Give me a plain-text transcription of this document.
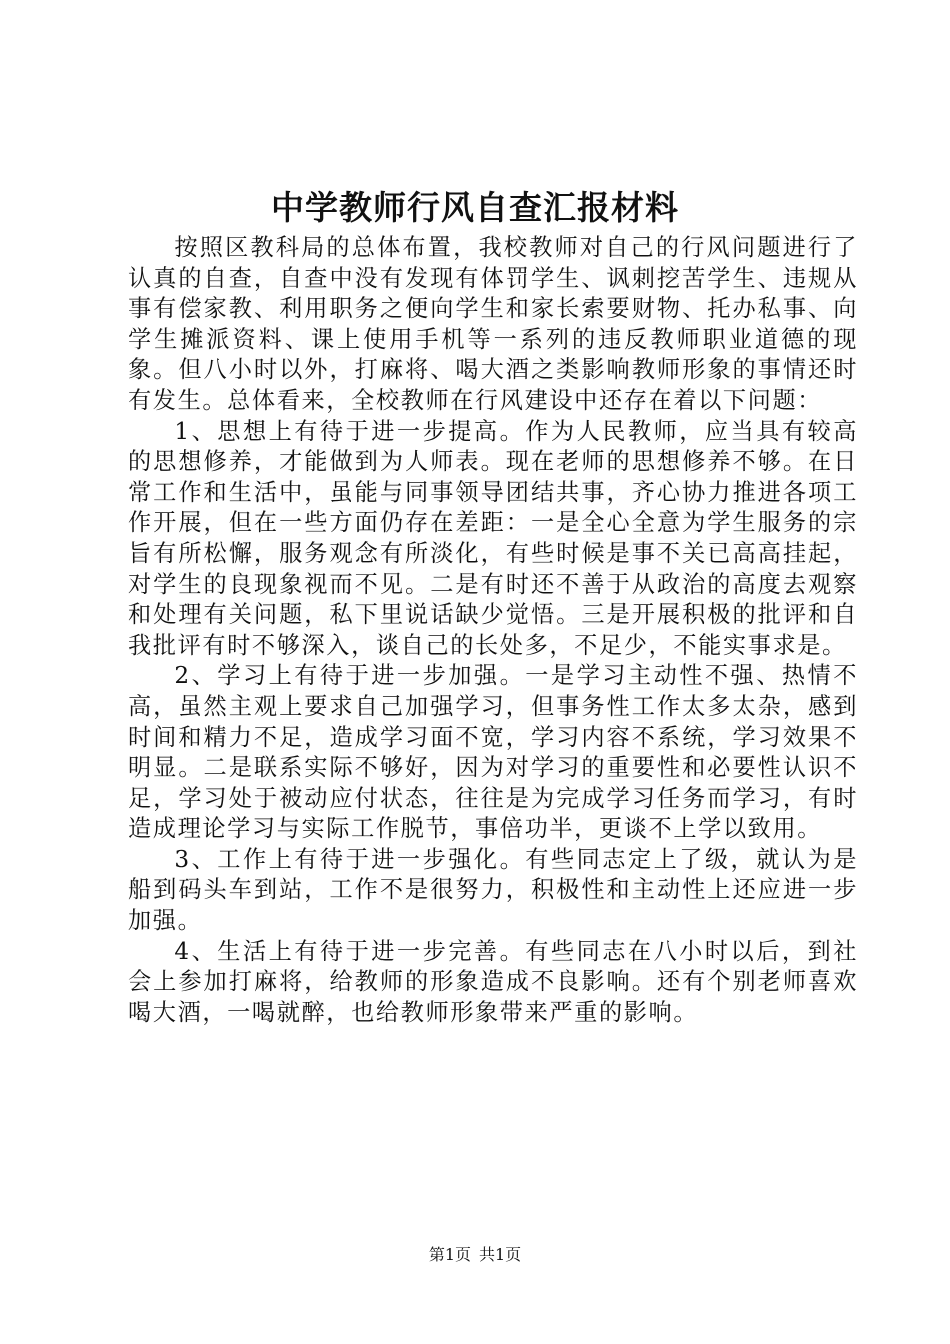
中学教师行风自查汇报材料

按照区教科局的总体布置，我校教师对自己的行风问题进行了认真的自查，自查中没有发现有体罚学生、讽刺挖苦学生、违规从事有偿家教、利用职务之便向学生和家长索要财物、托办私事、向学生摊派资料、课上使用手机等一系列的违反教师职业道德的现象。但八小时以外，打麻将、喝大酒之类影响教师形象的事情还时有发生。总体看来，全校教师在行风建设中还存在着以下问题：

1、思想上有待于进一步提高。作为人民教师，应当具有较高的思想修养，才能做到为人师表。现在老师的思想修养不够。在日常工作和生活中，虽能与同事领导团结共事，齐心协力推进各项工作开展，但在一些方面仍存在差距：一是全心全意为学生服务的宗旨有所松懈，服务观念有所淡化，有些时候是事不关已高高挂起，对学生的良现象视而不见。二是有时还不善于从政治的高度去观察和处理有关问题，私下里说话缺少觉悟。三是开展积极的批评和自我批评有时不够深入，谈自己的长处多，不足少，不能实事求是。

2、学习上有待于进一步加强。一是学习主动性不强、热情不高，虽然主观上要求自己加强学习，但事务性工作太多太杂，感到时间和精力不足，造成学习面不宽，学习内容不系统，学习效果不明显。二是联系实际不够好，因为对学习的重要性和必要性认识不足，学习处于被动应付状态，往往是为完成学习任务而学习，有时造成理论学习与实际工作脱节，事倍功半，更谈不上学以致用。

3、工作上有待于进一步强化。有些同志定上了级，就认为是船到码头车到站，工作不是很努力，积极性和主动性上还应进一步加强。

4、生活上有待于进一步完善。有些同志在八小时以后，到社会上参加打麻将，给教师的形象造成不良影响。还有个别老师喜欢喝大酒，一喝就醉，也给教师形象带来严重的影响。

第1页 共1页
